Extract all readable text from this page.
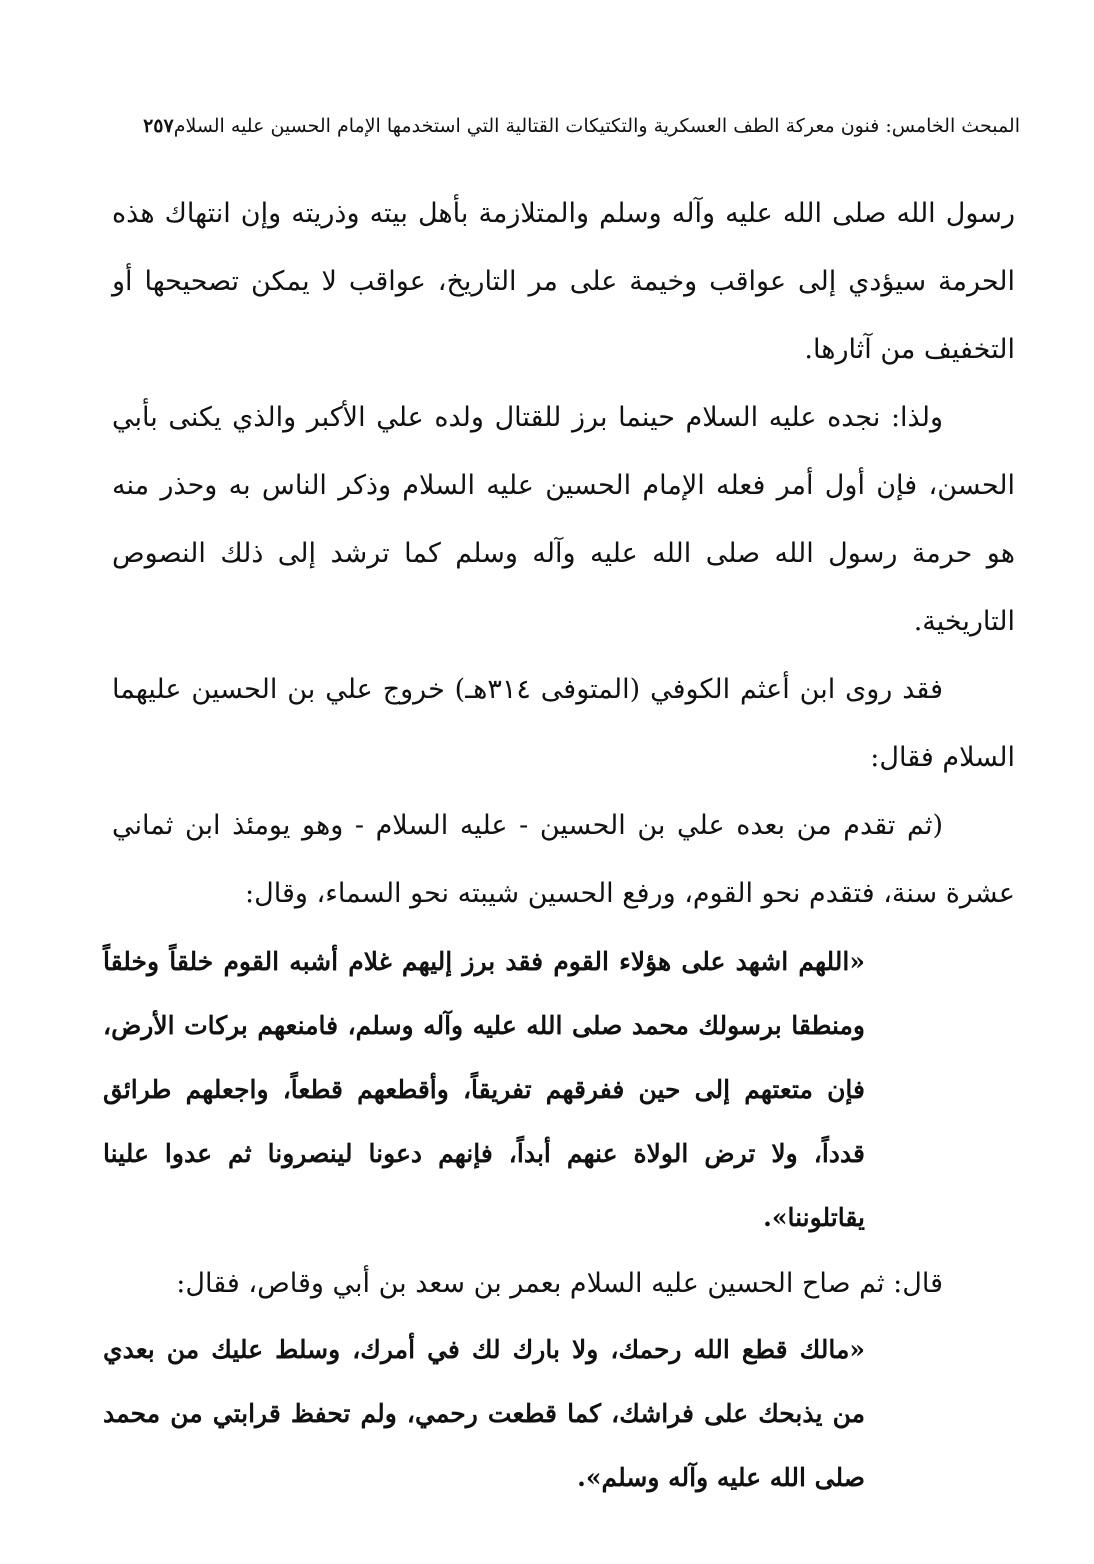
المبحث الخامس: فنون معركة الطف العسكرية والتكتيكات القتالية التي استخدمها الإمام الحسين عليه السلام٢٥٧

رسول الله صلى الله عليه وآله وسلم والمتلازمة بأهل بيته وذريته وإن انتهاك هذه الحرمة سيؤدي إلى عواقب وخيمة على مر التاريخ، عواقب لا يمكن تصحيحها أو التخفيف من آثارها.

ولذا: نجده عليه السلام حينما برز للقتال ولده علي الأكبر والذي يكنى بأبي الحسن، فإن أول أمر فعله الإمام الحسين عليه السلام وذكر الناس به وحذر منه هو حرمة رسول الله صلى الله عليه وآله وسلم كما ترشد إلى ذلك النصوص التاريخية.

فقد روى ابن أعثم الكوفي (المتوفى ٣١٤هـ) خروج علي بن الحسين عليهما السلام فقال:

(ثم تقدم من بعده علي بن الحسين - عليه السلام - وهو يومئذ ابن ثماني عشرة سنة، فتقدم نحو القوم، ورفع الحسين شيبته نحو السماء، وقال:

«اللهم اشهد على هؤلاء القوم فقد برز إليهم غلام أشبه القوم خلقاً وخلقاً ومنطقا برسولك محمد صلى الله عليه وآله وسلم، فامنعهم بركات الأرض، فإن متعتهم إلى حين ففرقهم تفريقاً، وأقطعهم قطعاً، واجعلهم طرائق قدداً، ولا ترض الولاة عنهم أبداً، فإنهم دعونا لينصرونا ثم عدوا علينا يقاتلوننا».

قال: ثم صاح الحسين عليه السلام بعمر بن سعد بن أبي وقاص، فقال:

«مالك قطع الله رحمك، ولا بارك لك في أمرك، وسلط عليك من بعدي من يذبحك على فراشك، كما قطعت رحمي، ولم تحفظ قرابتي من محمد صلى الله عليه وآله وسلم».
